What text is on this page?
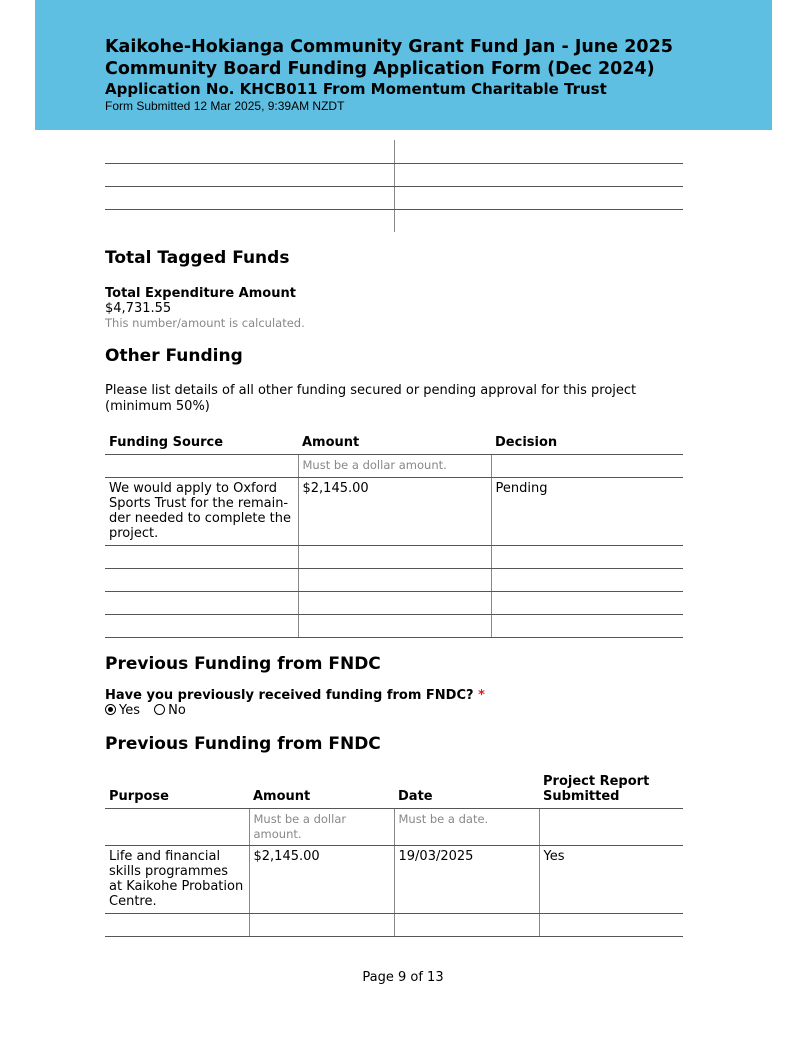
Kaikohe-Hokianga Community Grant Fund Jan - June 2025
Community Board Funding Application Form (Dec 2024)
Application No. KHCB011 From Momentum Charitable Trust
Form Submitted 12 Mar 2025, 9:39AM NZDT

Total Tagged Funds
Total Expenditure Amount
$4,731.55
This number/amount is calculated.
Other Funding
Please list details of all other funding secured or pending approval for this project (minimum 50%)
Funding Source	Amount	Decision
	Must be a dollar amount.	
We would apply to Oxford Sports Trust for the remain-der needed to complete the project.	$2,145.00	Pending

Previous Funding from FNDC
Have you previously received funding from FNDC? *
Yes No
Previous Funding from FNDC
Purpose	Amount	Date	Project Report Submitted
	Must be a dollar amount.	Must be a date.	
Life and financial skills programmes at Kaikohe Probation Centre.	$2,145.00	19/03/2025	Yes

Page 9 of 13
